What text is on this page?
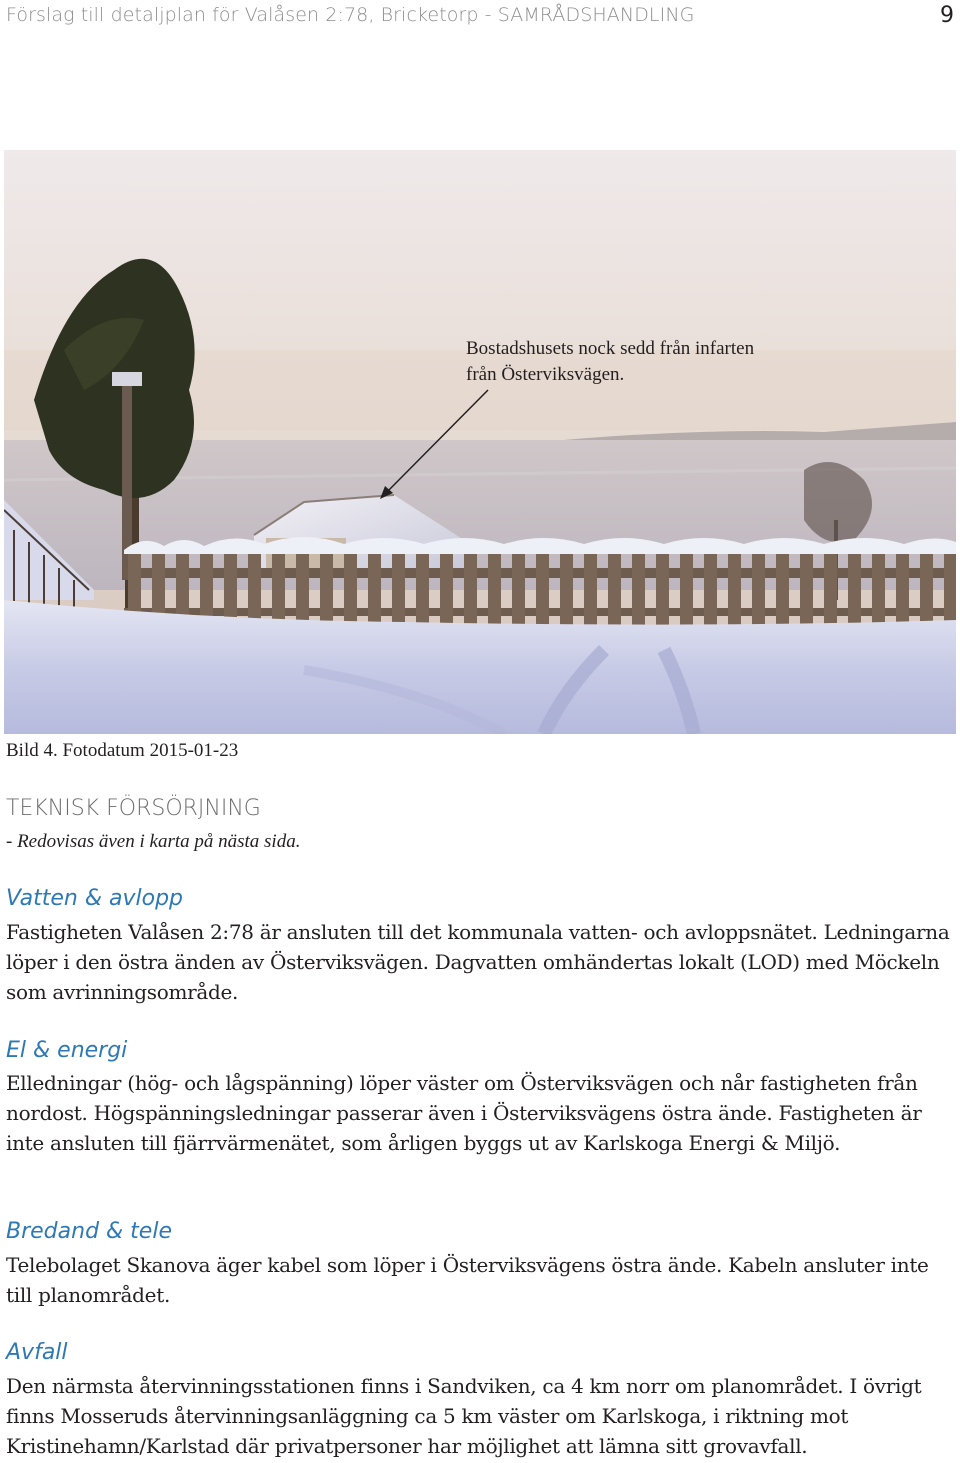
Förslag till detaljplan för Valåsen 2:78, Bricketorp - SAMRÅDSHANDLING	9
Bostadshusets nock sedd från infarten från Österviksvägen.
Bild 4. Fotodatum 2015-01-23
TEKNISK FÖRSÖRJNING
- Redovisas även i karta på nästa sida.
Vatten & avlopp
Fastigheten Valåsen 2:78 är ansluten till det kommunala vatten- och avloppsnätet. Ledningarna löper i den östra änden av Österviksvägen. Dagvatten omhändertas lokalt (LOD) med Möckeln som avrinningsområde.
El & energi
Elledningar (hög- och lågspänning) löper väster om Österviksvägen och når fastigheten från nordost. Högspänningsledningar passerar även i Österviksvägens östra ände. Fastigheten är inte ansluten till fjärrvärmenätet, som årligen byggs ut av Karlskoga Energi & Miljö.
Bredand & tele
Telebolaget Skanova äger kabel som löper i Österviksvägens östra ände. Kabeln ansluter inte till planområdet.
Avfall
Den närmsta återvinningsstationen finns i Sandviken, ca 4 km norr om planområdet. I övrigt finns Mosseruds återvinningsanläggning ca 5 km väster om Karlskoga, i riktning mot Kristinehamn/Karlstad där privatpersoner har möjlighet att lämna sitt grovavfall.
